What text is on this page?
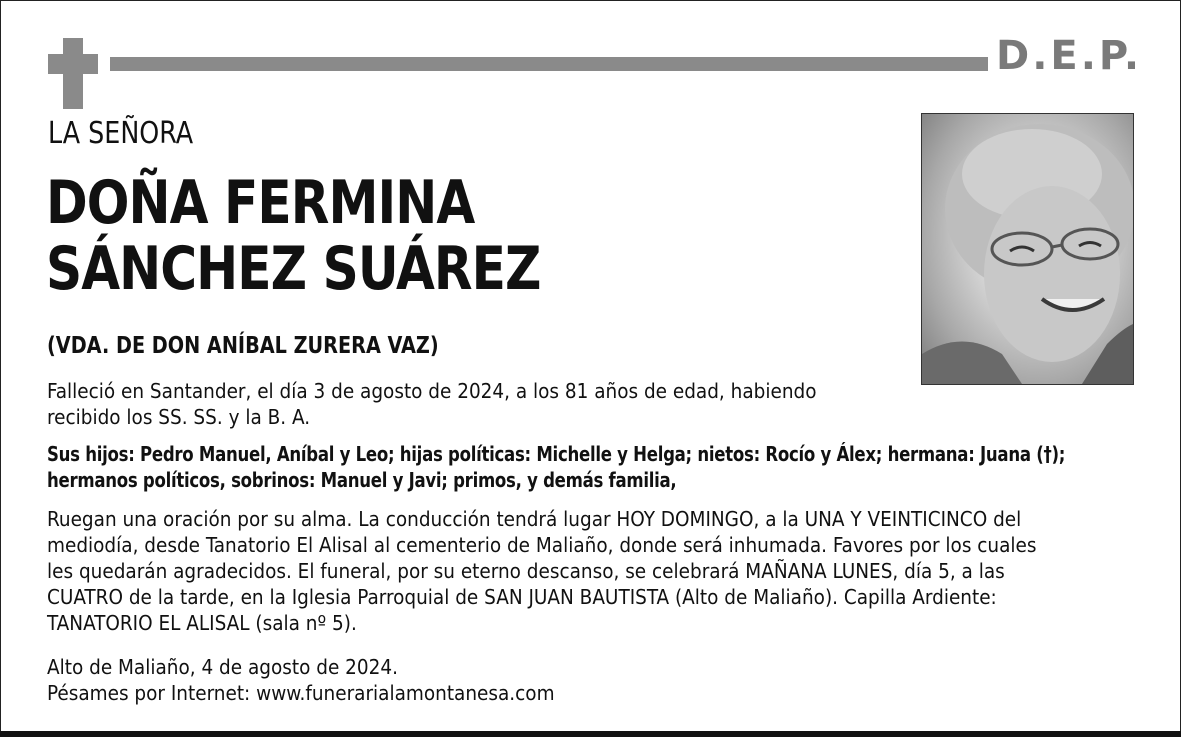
D.E.P.
LA SEÑORA
DOÑA FERMINA
SÁNCHEZ SUÁREZ
(VDA. DE DON ANÍBAL ZURERA VAZ)
Falleció en Santander, el día 3 de agosto de 2024, a los 81 años de edad, habiendo
recibido los SS. SS. y la B. A.
Sus hijos: Pedro Manuel, Aníbal y Leo; hijas políticas: Michelle y Helga; nietos: Rocío y Álex; hermana: Juana (†);
hermanos políticos, sobrinos: Manuel y Javi; primos, y demás familia,
Ruegan una oración por su alma. La conducción tendrá lugar HOY DOMINGO, a la UNA Y VEINTICINCO del
mediodía, desde Tanatorio El Alisal al cementerio de Maliaño, donde será inhumada. Favores por los cuales
les quedarán agradecidos. El funeral, por su eterno descanso, se celebrará MAÑANA LUNES, día 5, a las
CUATRO de la tarde, en la Iglesia Parroquial de SAN JUAN BAUTISTA (Alto de Maliaño). Capilla Ardiente:
TANATORIO EL ALISAL (sala nº 5).
Alto de Maliaño, 4 de agosto de 2024.
Pésames por Internet: www.funerarialamontanesa.com
